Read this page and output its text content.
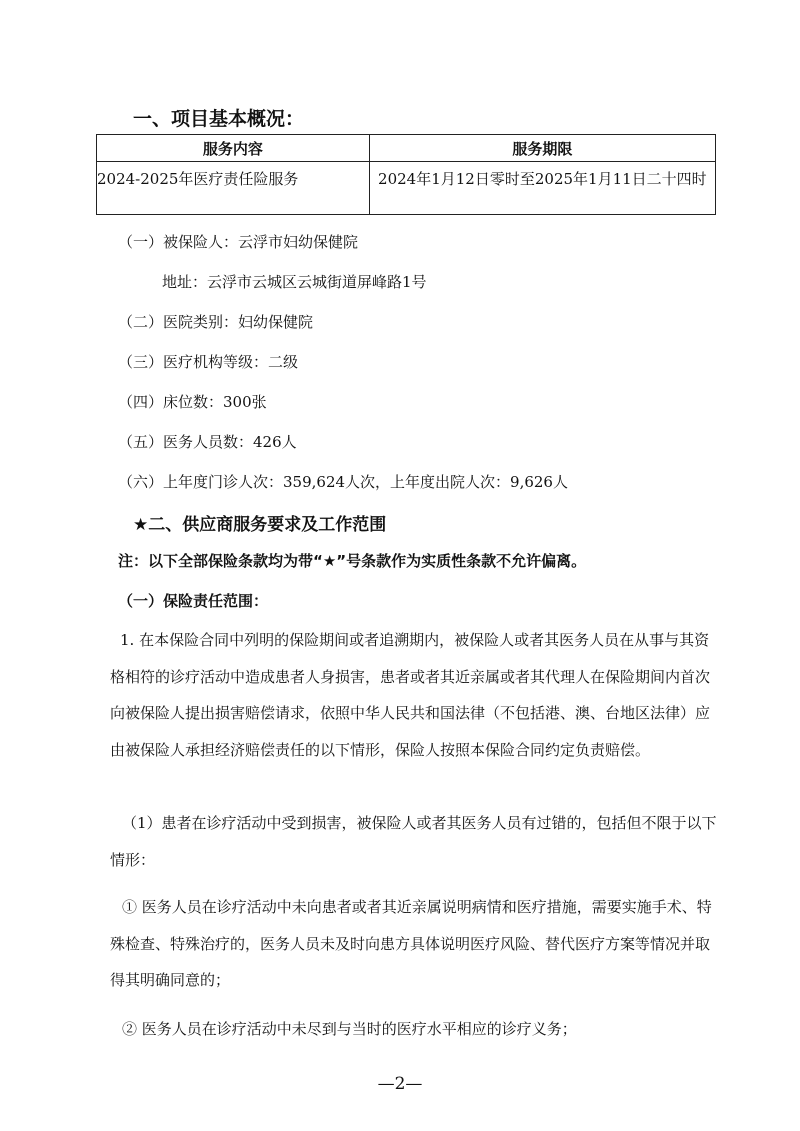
一、项目基本概况：
服务内容	服务期限
2024-2025年医疗责任险服务	2024年1月12日零时至2025年1月11日二十四时
（一）被保险人：云浮市妇幼保健院
地址：云浮市云城区云城街道屏峰路1号
（二）医院类别：妇幼保健院
（三）医疗机构等级：二级
（四）床位数：300张
（五）医务人员数：426人
（六）上年度门诊人次：359,624人次，上年度出院人次：9,626人
★二、供应商服务要求及工作范围
注：以下全部保险条款均为带“★”号条款作为实质性条款不允许偏离。
（一）保险责任范围：
1. 在本保险合同中列明的保险期间或者追溯期内，被保险人或者其医务人员在从事与其资格相符的诊疗活动中造成患者人身损害，患者或者其近亲属或者其代理人在保险期间内首次向被保险人提出损害赔偿请求，依照中华人民共和国法律（不包括港、澳、台地区法律）应由被保险人承担经济赔偿责任的以下情形，保险人按照本保险合同约定负责赔偿。
（1）患者在诊疗活动中受到损害，被保险人或者其医务人员有过错的，包括但不限于以下情形：
① 医务人员在诊疗活动中未向患者或者其近亲属说明病情和医疗措施，需要实施手术、特殊检查、特殊治疗的，医务人员未及时向患方具体说明医疗风险、替代医疗方案等情况并取得其明确同意的；
② 医务人员在诊疗活动中未尽到与当时的医疗水平相应的诊疗义务；
—2—
